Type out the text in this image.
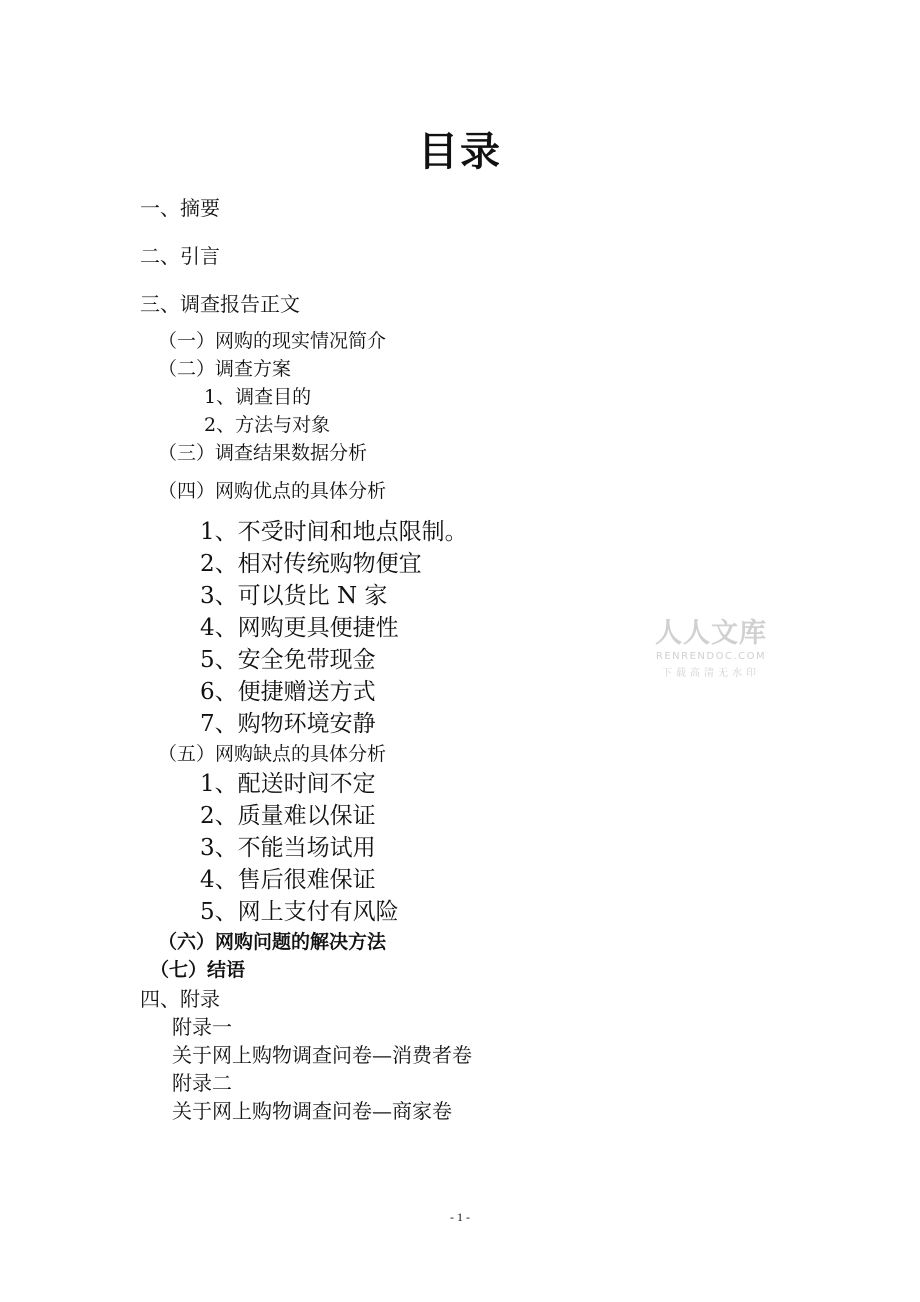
目录
一、摘要
二、引言
三、调查报告正文
（一）网购的现实情况简介
（二）调查方案
1、调查目的
2、方法与对象
（三）调查结果数据分析
（四）网购优点的具体分析
1、不受时间和地点限制。
2、相对传统购物便宜
3、可以货比 N 家
4、网购更具便捷性
5、安全免带现金
6、便捷赠送方式
7、购物环境安静
（五）网购缺点的具体分析
1、配送时间不定
2、质量难以保证
3、不能当场试用
4、售后很难保证
5、网上支付有风险
（六）网购问题的解决方法
（七）结语
四、附录
附录一
关于网上购物调查问卷—消费者卷
附录二
关于网上购物调查问卷—商家卷
人人文库
RENRENDOC.COM
下载高清无水印
- 1 -
